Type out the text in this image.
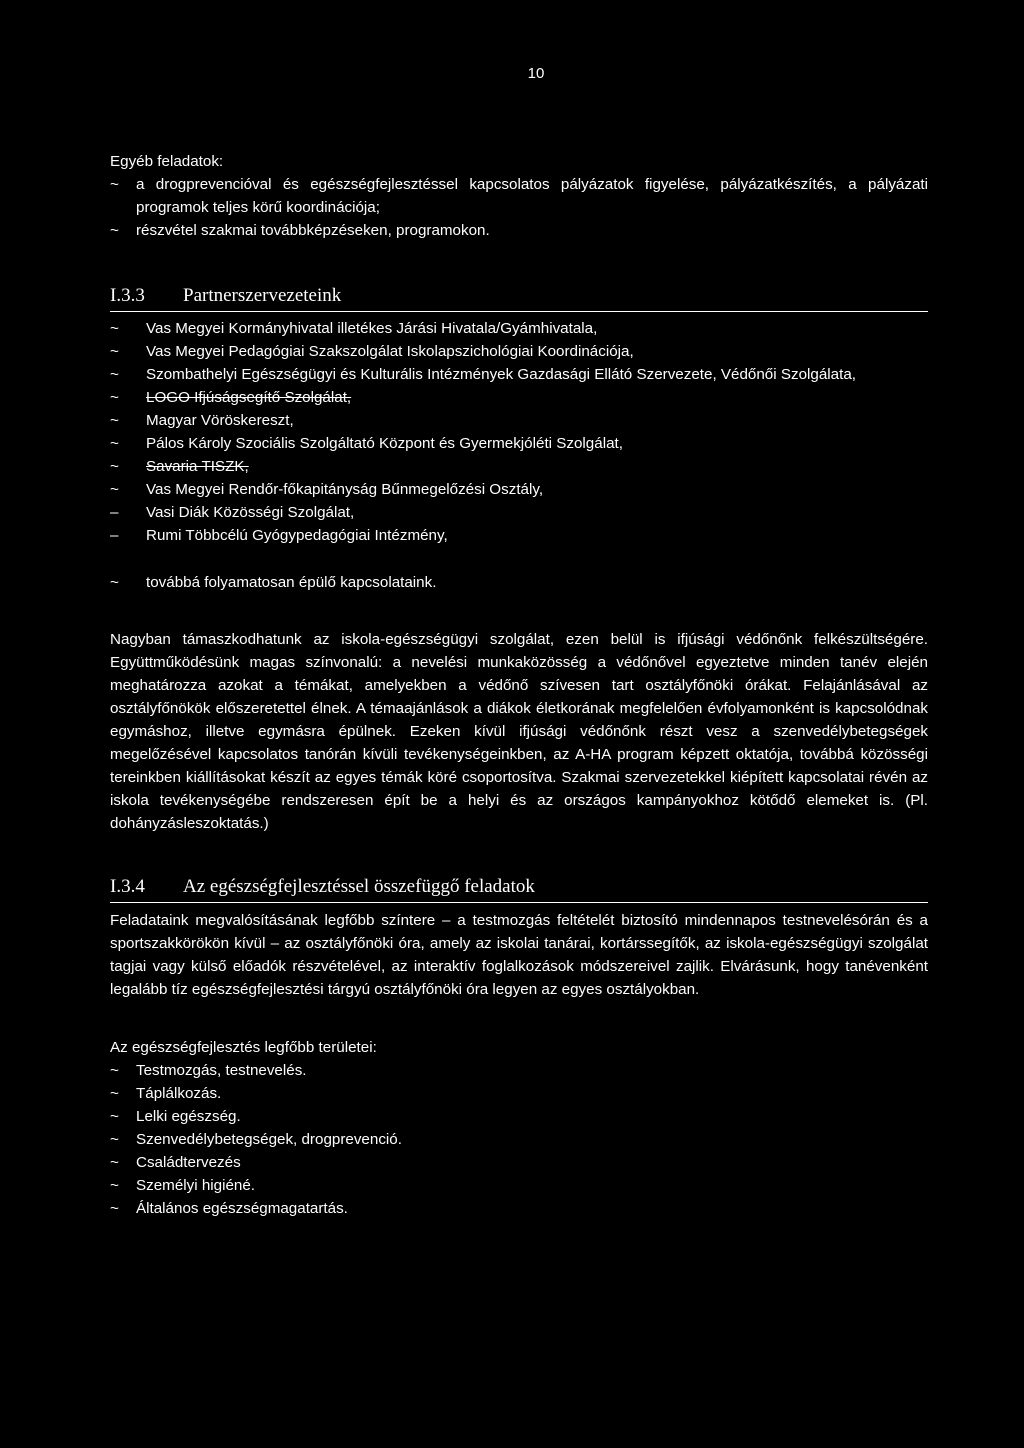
10
Egyéb feladatok:
~ a drogprevencióval és egészségfejlesztéssel kapcsolatos pályázatok figyelése, pályázatkészítés, a pályázati programok teljes körű koordinációja;
~ részvétel szakmai továbbképzéseken, programokon.
I.3.3 Partnerszervezeteink
~ Vas Megyei Kormányhivatal illetékes Járási Hivatala/Gyámhivatala,
~ Vas Megyei Pedagógiai Szakszolgálat Iskolapszichológiai Koordinációja,
~ Szombathelyi Egészségügyi és Kulturális Intézmények Gazdasági Ellátó Szervezete, Védőnői Szolgálata,
~ LOGO Ifjúságsegítő Szolgálat,
~ Magyar Vöröskereszt,
~ Pálos Károly Szociális Szolgáltató Központ és Gyermekjóléti Szolgálat,
~ Savaria TISZK,
~ Vas Megyei Rendőr-főkapitányság Bűnmegelőzési Osztály,
– Vasi Diák Közösségi Szolgálat,
– Rumi Többcélú Gyógypedagógiai Intézmény,
~ továbbá folyamatosan épülő kapcsolataink.

Nagyban támaszkodhatunk az iskola-egészségügyi szolgálat, ezen belül is ifjúsági védőnőnk felkészültségére. Együttműködésünk magas színvonalú: a nevelési munkaközösség a védőnővel egyeztetve minden tanév elején meghatározza azokat a témákat, amelyekben a védőnő szívesen tart osztályfőnöki órákat. Felajánlásával az osztályfőnökök előszeretettel élnek. A témaajánlások a diákok életkorának megfelelően évfolyamonként is kapcsolódnak egymáshoz, illetve egymásra épülnek. Ezeken kívül ifjúsági védőnőnk részt vesz a szenvedélybetegségek megelőzésével kapcsolatos tanórán kívüli tevékenységeinkben, az A-HA program képzett oktatója, továbbá közösségi tereinkben kiállításokat készít az egyes témák köré csoportosítva. Szakmai szervezetekkel kiépített kapcsolatai révén az iskola tevékenységébe rendszeresen épít be a helyi és az országos kampányokhoz kötődő elemeket is. (Pl. dohányzásleszoktatás.)

I.3.4 Az egészségfejlesztéssel összefüggő feladatok

Feladataink megvalósításának legfőbb színtere – a testmozgás feltételét biztosító mindennapos testnevelésórán és a sportszakkörökön kívül – az osztályfőnöki óra, amely az iskolai tanárai, kortárssegítők, az iskola-egészségügyi szolgálat tagjai vagy külső előadók részvételével, az interaktív foglalkozások módszereivel zajlik. Elvárásunk, hogy tanévenként legalább tíz egészségfejlesztési tárgyú osztályfőnöki óra legyen az egyes osztályokban.

Az egészségfejlesztés legfőbb területei:
~ Testmozgás, testnevelés.
~ Táplálkozás.
~ Lelki egészség.
~ Szenvedélybetegségek, drogprevenció.
~ Családtervezés
~ Személyi higiéné.
~ Általános egészségmagatartás.
